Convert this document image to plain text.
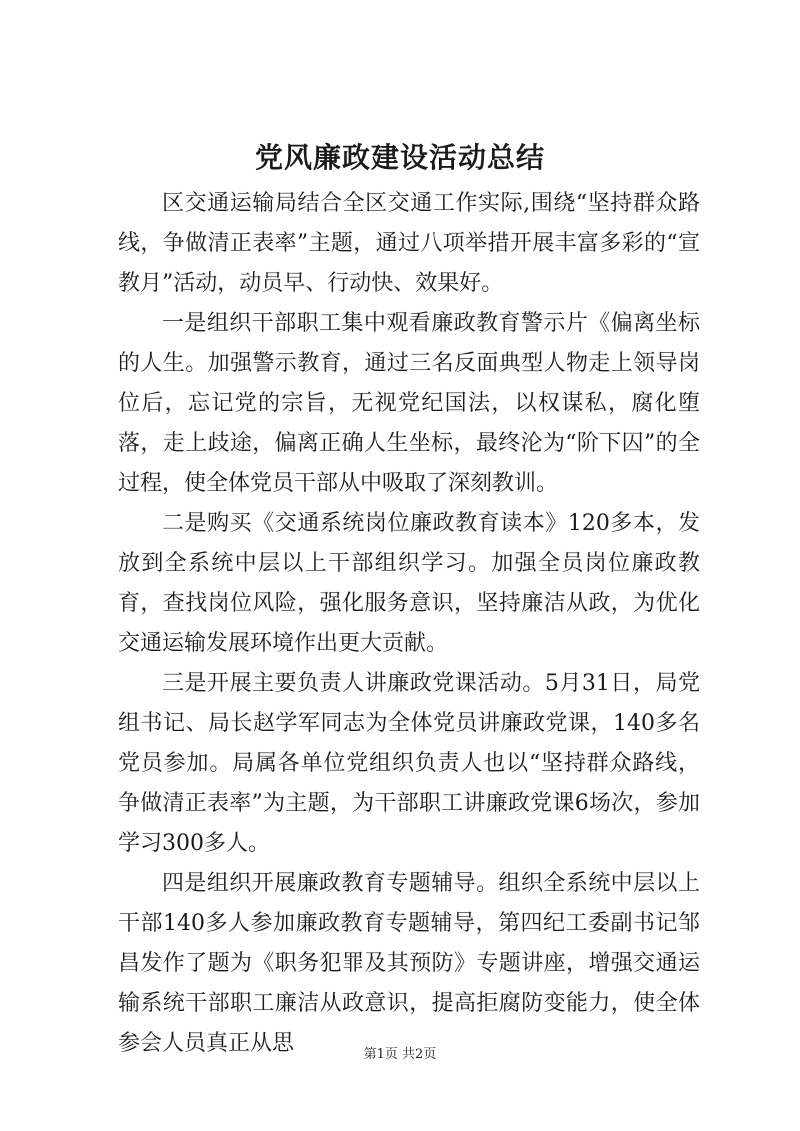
党风廉政建设活动总结

区交通运输局结合全区交通工作实际,围绕“坚持群众路线，争做清正表率”主题，通过八项举措开展丰富多彩的“宣教月”活动，动员早、行动快、效果好。

一是组织干部职工集中观看廉政教育警示片《偏离坐标的人生。加强警示教育，通过三名反面典型人物走上领导岗位后，忘记党的宗旨，无视党纪国法，以权谋私，腐化堕落，走上歧途，偏离正确人生坐标，最终沦为“阶下囚”的全过程，使全体党员干部从中吸取了深刻教训。

二是购买《交通系统岗位廉政教育读本》120多本，发放到全系统中层以上干部组织学习。加强全员岗位廉政教育，查找岗位风险，强化服务意识，坚持廉洁从政，为优化交通运输发展环境作出更大贡献。

三是开展主要负责人讲廉政党课活动。5月31日，局党组书记、局长赵学军同志为全体党员讲廉政党课，140多名党员参加。局属各单位党组织负责人也以“坚持群众路线，争做清正表率”为主题，为干部职工讲廉政党课6场次，参加学习300多人。

四是组织开展廉政教育专题辅导。组织全系统中层以上干部140多人参加廉政教育专题辅导，第四纪工委副书记邹昌发作了题为《职务犯罪及其预防》专题讲座，增强交通运输系统干部职工廉洁从政意识，提高拒腐防变能力，使全体参会人员真正从思	第1页 共2页
